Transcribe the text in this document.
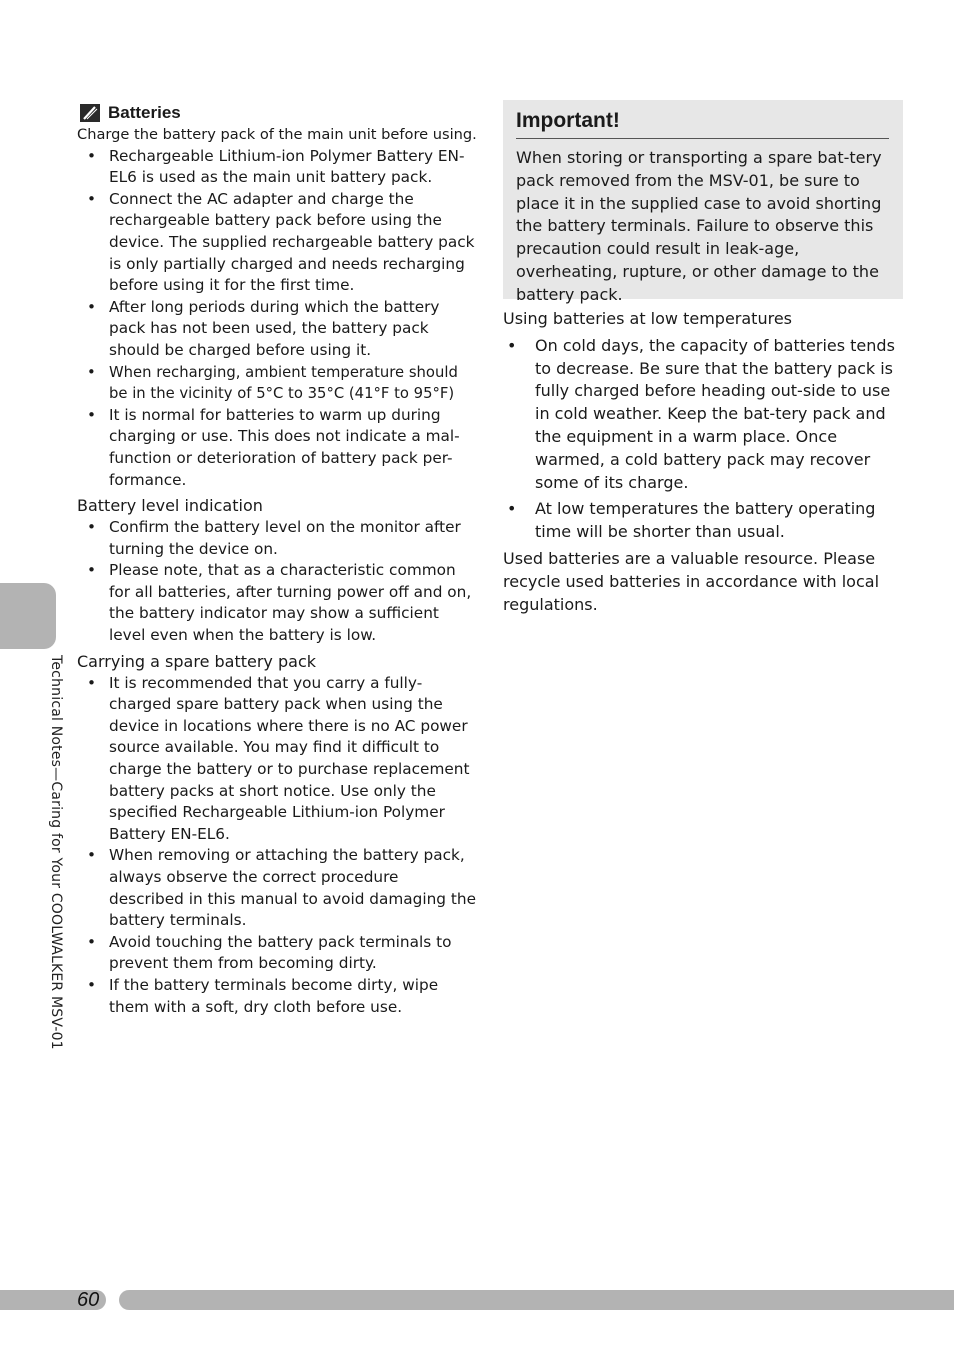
Technical Notes—Caring for Your COOLWALKER MSV-01
Batteries

Charge the battery pack of the main unit before using.

• Rechargeable Lithium-ion Polymer Battery EN-EL6 is used as the main unit battery pack.
• Connect the AC adapter and charge the rechargeable battery pack before using the device. The supplied rechargeable battery pack is only partially charged and needs recharging before using it for the first time.
• After long periods during which the battery pack has not been used, the battery pack should be charged before using it.
• When recharging, ambient temperature should be in the vicinity of 5°C to 35°C (41°F to 95°F)
• It is normal for batteries to warm up during charging or use. This does not indicate a mal-function or deterioration of battery pack per-formance.

Battery level indication

• Confirm the battery level on the monitor after turning the device on.
• Please note, that as a characteristic common for all batteries, after turning power off and on, the battery indicator may show a sufficient level even when the battery is low.

Carrying a spare battery pack

• It is recommended that you carry a fully-charged spare battery pack when using the device in locations where there is no AC power source available. You may find it difficult to charge the battery or to purchase replacement battery packs at short notice. Use only the specified Rechargeable Lithium-ion Polymer Battery EN-EL6.
• When removing or attaching the battery pack, always observe the correct procedure described in this manual to avoid damaging the battery terminals.
• Avoid touching the battery pack terminals to prevent them from becoming dirty.
• If the battery terminals become dirty, wipe them with a soft, dry cloth before use.

Important!

When storing or transporting a spare bat-tery pack removed from the MSV-01, be sure to place it in the supplied case to avoid shorting the battery terminals. Failure to observe this precaution could result in leak-age, overheating, rupture, or other damage to the battery pack.

Using batteries at low temperatures

• On cold days, the capacity of batteries tends to decrease. Be sure that the battery pack is fully charged before heading out-side to use in cold weather. Keep the bat-tery pack and the equipment in a warm place. Once warmed, a cold battery pack may recover some of its charge.
• At low temperatures the battery operating time will be shorter than usual.

Used batteries are a valuable resource. Please recycle used batteries in accordance with local regulations.

60
